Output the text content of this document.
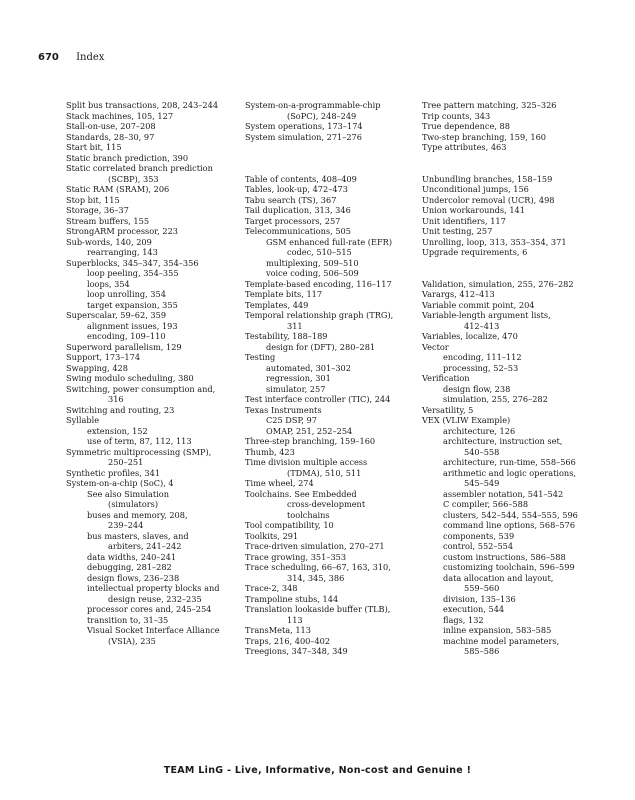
670 Index
Split bus transactions, 208, 243–244
Stack machines, 105, 127
Stall-on-use, 207–208
Standards, 28–30, 97
Start bit, 115
Static branch prediction, 390
Static correlated branch prediction
(SCBP), 353
Static RAM (SRAM), 206
Stop bit, 115
Storage, 36–37
Stream buffers, 155
StrongARM processor, 223
Sub-words, 140, 209
rearranging, 143
Superblocks, 345–347, 354–356
loop peeling, 354–355
loops, 354
loop unrolling, 354
target expansion, 355
Superscalar, 59–62, 359
alignment issues, 193
encoding, 109–110
Superword parallelism, 129
Support, 173–174
Swapping, 428
Swing modulo scheduling, 380
Switching, power consumption and,
316
Switching and routing, 23
Syllable
extension, 152
use of term, 87, 112, 113
Symmetric multiprocessing (SMP),
250–251
Synthetic profiles, 341
System-on-a-chip (SoC), 4
See also Simulation
(simulators)
buses and memory, 208,
239–244
bus masters, slaves, and
arbiters, 241–242
data widths, 240–241
debugging, 281–282
design flows, 236–238
intellectual property blocks and
design reuse, 232–235
processor cores and, 245–254
transition to, 31–35
Visual Socket Interface Alliance
(VSIA), 235
System-on-a-programmable-chip
(SoPC), 248–249
System operations, 173–174
System simulation, 271–276
Table of contents, 408–409
Tables, look-up, 472–473
Tabu search (TS), 367
Tail duplication, 313, 346
Target processors, 257
Telecommunications, 505
GSM enhanced full-rate (EFR)
codec, 510–515
multiplexing, 509–510
voice coding, 506–509
Template-based encoding, 116–117
Template bits, 117
Templates, 449
Temporal relationship graph (TRG),
311
Testability, 188–189
design for (DFT), 280–281
Testing
automated, 301–302
regression, 301
simulator, 257
Test interface controller (TIC), 244
Texas Instruments
C25 DSP, 97
OMAP, 251, 252–254
Three-step branching, 159–160
Thumb, 423
Time division multiple access
(TDMA), 510, 511
Time wheel, 274
Toolchains. See Embedded
cross-development
toolchains
Tool compatibility, 10
Toolkits, 291
Trace-driven simulation, 270–271
Trace growing, 351–353
Trace scheduling, 66–67, 163, 310,
314, 345, 386
Trace-2, 348
Trampoline stubs, 144
Translation lookaside buffer (TLB),
113
TransMeta, 113
Traps, 216, 400–402
Treegions, 347–348, 349
Tree pattern matching, 325–326
Trip counts, 343
True dependence, 88
Two-step branching, 159, 160
Type attributes, 463
Unbundling branches, 158–159
Unconditional jumps, 156
Undercolor removal (UCR), 498
Union workarounds, 141
Unit identifiers, 117
Unit testing, 257
Unrolling, loop, 313, 353–354, 371
Upgrade requirements, 6
Validation, simulation, 255, 276–282
Varargs, 412–413
Variable commit point, 204
Variable-length argument lists,
412–413
Variables, localize, 470
Vector
encoding, 111–112
processing, 52–53
Verification
design flow, 238
simulation, 255, 276–282
Versatility, 5
VEX (VLIW Example)
architecture, 126
architecture, instruction set,
540–558
architecture, run-time, 558–566
arithmetic and logic operations,
545–549
assembler notation, 541–542
C compiler, 566–588
clusters, 542–544, 554–555, 596
command line options, 568–576
components, 539
control, 552–554
custom instructions, 586–588
customizing toolchain, 596–599
data allocation and layout,
559–560
division, 135–136
execution, 544
flags, 132
inline expansion, 583–585
machine model parameters,
585–586
TEAM LinG - Live, Informative, Non-cost and Genuine !
